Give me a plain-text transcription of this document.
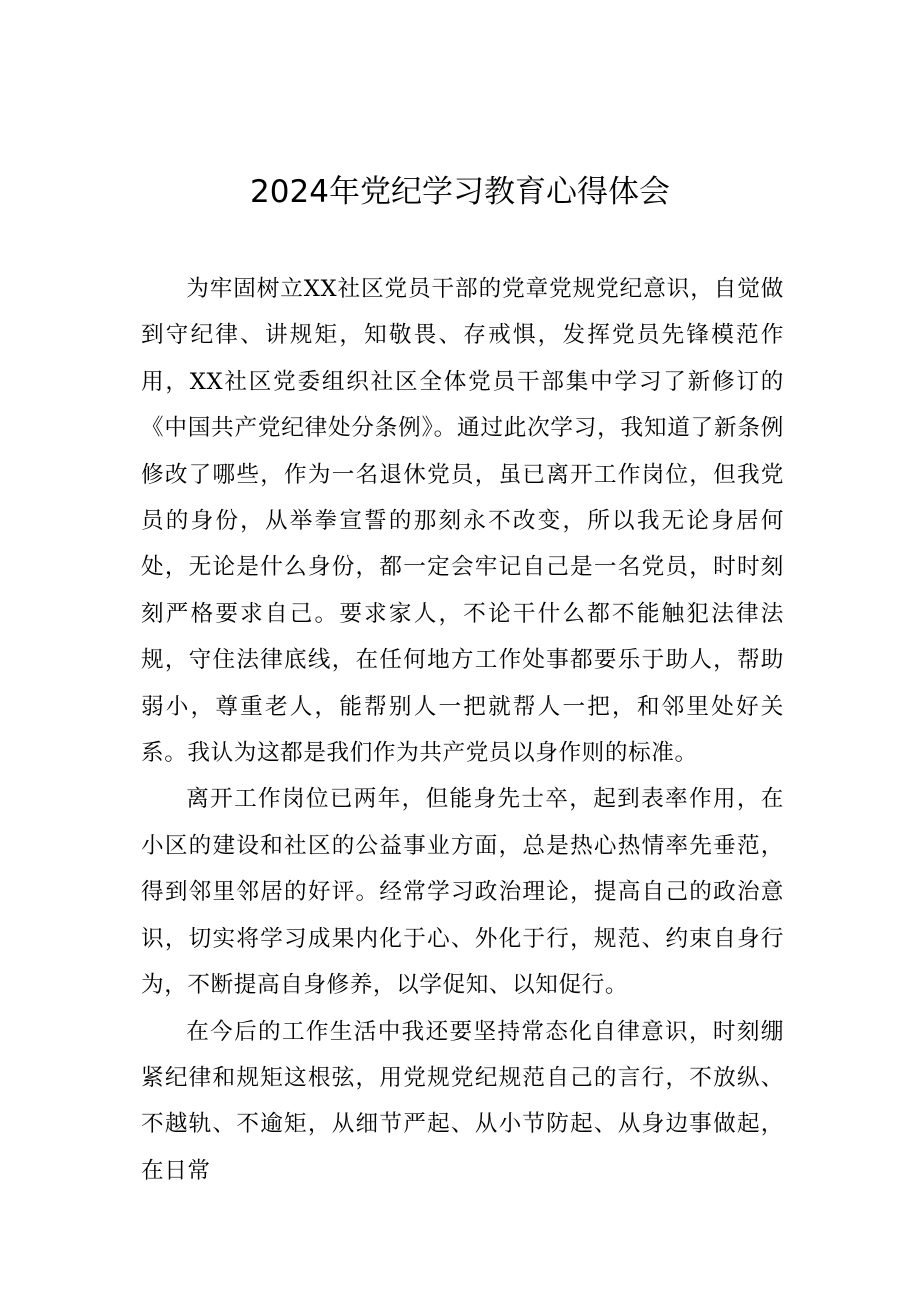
2024年党纪学习教育心得体会

为牢固树立XX社区党员干部的党章党规党纪意识，自觉做到守纪律、讲规矩，知敬畏、存戒惧，发挥党员先锋模范作用，XX社区党委组织社区全体党员干部集中学习了新修订的《中国共产党纪律处分条例》。通过此次学习，我知道了新条例修改了哪些，作为一名退休党员，虽已离开工作岗位，但我党员的身份，从举拳宣誓的那刻永不改变，所以我无论身居何处，无论是什么身份，都一定会牢记自己是一名党员，时时刻刻严格要求自己。要求家人，不论干什么都不能触犯法律法规，守住法律底线，在任何地方工作处事都要乐于助人，帮助弱小，尊重老人，能帮别人一把就帮人一把，和邻里处好关系。我认为这都是我们作为共产党员以身作则的标准。

离开工作岗位已两年，但能身先士卒，起到表率作用，在小区的建设和社区的公益事业方面，总是热心热情率先垂范，得到邻里邻居的好评。经常学习政治理论，提高自己的政治意识，切实将学习成果内化于心、外化于行，规范、约束自身行为，不断提高自身修养，以学促知、以知促行。

在今后的工作生活中我还要坚持常态化自律意识，时刻绷紧纪律和规矩这根弦，用党规党纪规范自己的言行，不放纵、不越轨、不逾矩，从细节严起、从小节防起、从身边事做起，在日常
